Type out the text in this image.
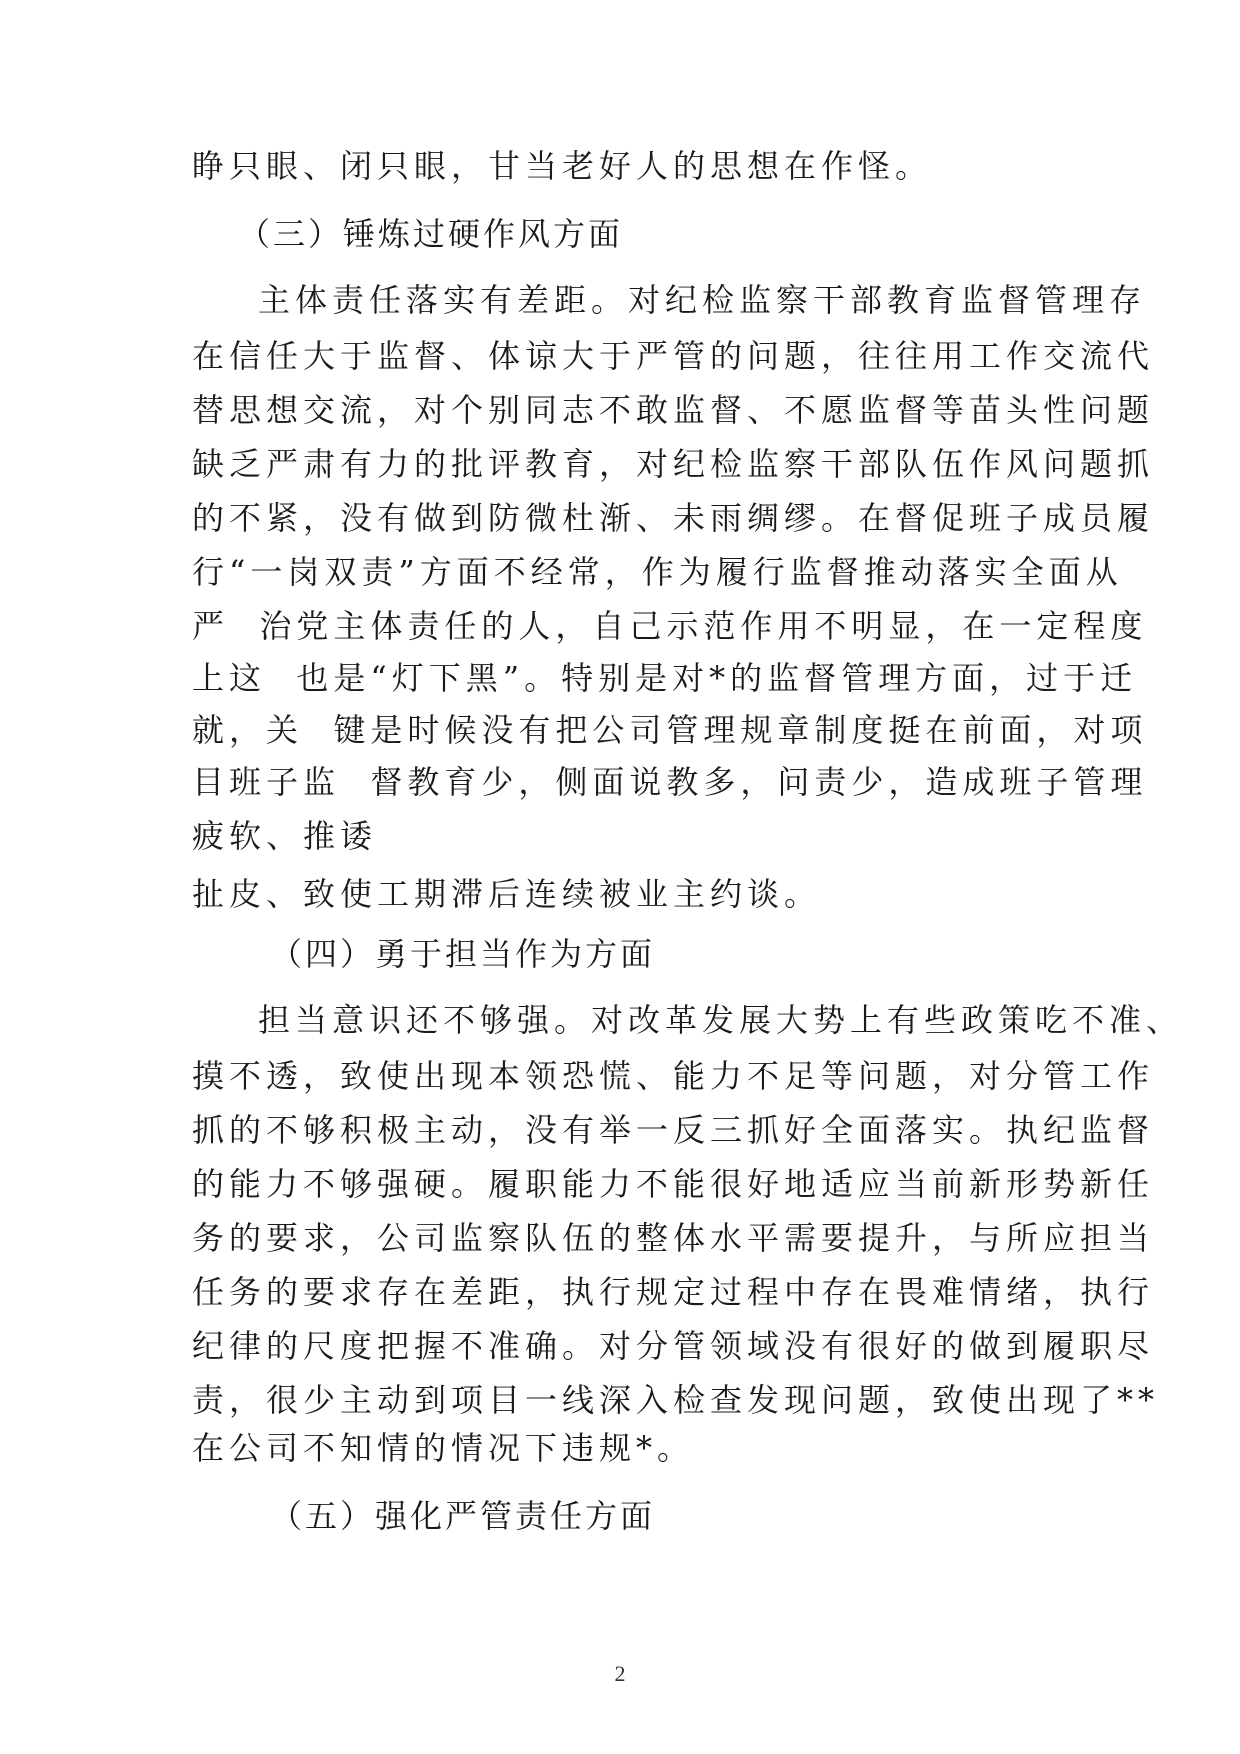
睁只眼、闭只眼，甘当老好人的思想在作怪。
（三）锤炼过硬作风方面
主体责任落实有差距。对纪检监察干部教育监督管理存
在信任大于监督、体谅大于严管的问题，往往用工作交流代
替思想交流，对个别同志不敢监督、不愿监督等苗头性问题
缺乏严肃有力的批评教育，对纪检监察干部队伍作风问题抓
的不紧，没有做到防微杜渐、未雨绸缪。在督促班子成员履
行“一岗双责”方面不经常，作为履行监督推动落实全面从
严  治党主体责任的人，自己示范作用不明显，在一定程度
上这  也是“灯下黑”。特别是对*的监督管理方面，过于迁
就，关  键是时候没有把公司管理规章制度挺在前面，对项
目班子监  督教育少，侧面说教多，问责少，造成班子管理
疲软、推诿
扯皮、致使工期滞后连续被业主约谈。
（四）勇于担当作为方面
担当意识还不够强。对改革发展大势上有些政策吃不准、
摸不透，致使出现本领恐慌、能力不足等问题，对分管工作
抓的不够积极主动，没有举一反三抓好全面落实。执纪监督
的能力不够强硬。履职能力不能很好地适应当前新形势新任
务的要求，公司监察队伍的整体水平需要提升，与所应担当
任务的要求存在差距，执行规定过程中存在畏难情绪，执行
纪律的尺度把握不准确。对分管领域没有很好的做到履职尽
责，很少主动到项目一线深入检查发现问题，致使出现了**
在公司不知情的情况下违规*。
（五）强化严管责任方面
2
